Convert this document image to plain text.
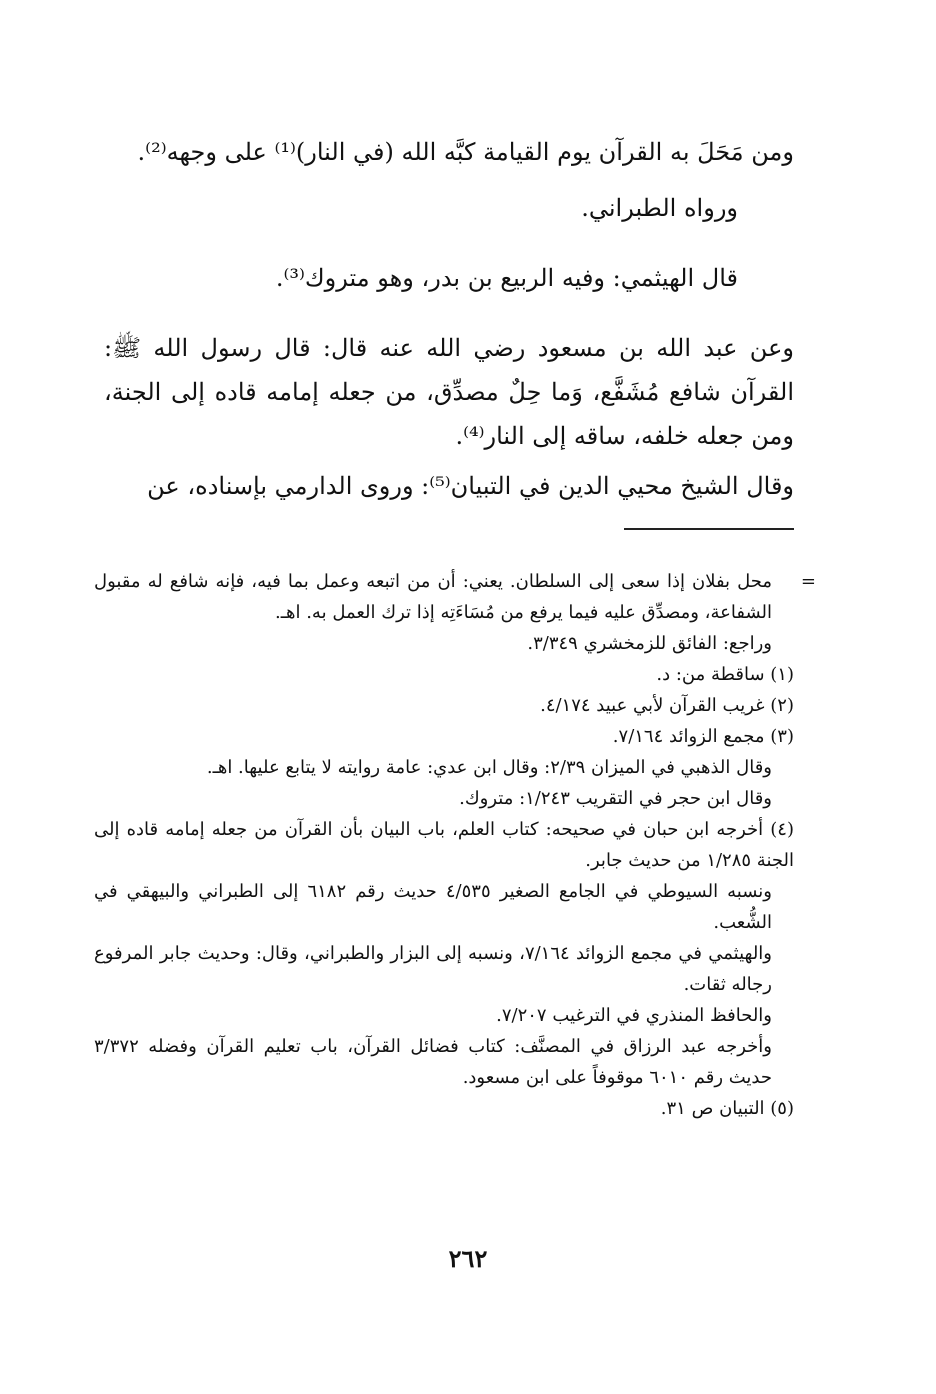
ومن مَحَلَ به القرآن يوم القيامة كبَّه الله (في النار)⁽¹⁾ على وجهه⁽²⁾.

ورواه الطبراني.

قال الهيثمي: وفيه الربيع بن بدر، وهو متروك⁽³⁾.

وعن عبد الله بن مسعود رضي الله عنه قال: قال رسول الله ﷺ: القرآن شافع مُشَفَّع، وَما حِلٌ مصدِّق، من جعله إمامه قاده إلى الجنة، ومن جعله خلفه، ساقه إلى النار⁽⁴⁾.

وقال الشيخ محيي الدين في التبيان⁽⁵⁾: وروى الدارمي بإسناده، عن

=

محل بفلان إذا سعى إلى السلطان. يعني: أن من اتبعه وعمل بما فيه، فإنه شافع له مقبول الشفاعة، ومصدِّق عليه فيما يرفع من مُسَاءَتِه إذا ترك العمل به. اهـ.

وراجع: الفائق للزمخشري ٣/٣٤٩.

(١) ساقطة من: د.

(٢) غريب القرآن لأبي عبيد ٤/١٧٤.

(٣) مجمع الزوائد ٧/١٦٤.

وقال الذهبي في الميزان ٢/٣٩: وقال ابن عدي: عامة روايته لا يتابع عليها. اهـ.

وقال ابن حجر في التقريب ١/٢٤٣: متروك.

(٤) أخرجه ابن حبان في صحيحه: كتاب العلم، باب البيان بأن القرآن من جعله إمامه قاده إلى الجنة ١/٢٨٥ من حديث جابر.

ونسبه السيوطي في الجامع الصغير ٤/٥٣٥ حديث رقم ٦١٨٢ إلى الطبراني والبيهقي في الشُّعب.

والهيثمي في مجمع الزوائد ٧/١٦٤، ونسبه إلى البزار والطبراني، وقال: وحديث جابر المرفوع رجاله ثقات.

والحافظ المنذري في الترغيب ٧/٢٠٧.

وأخرجه عبد الرزاق في المصنَّف: كتاب فضائل القرآن، باب تعليم القرآن وفضله ٣/٣٧٢ حديث رقم ٦٠١٠ موقوفاً على ابن مسعود.

(٥) التبيان ص ٣١.

٢٦٢
